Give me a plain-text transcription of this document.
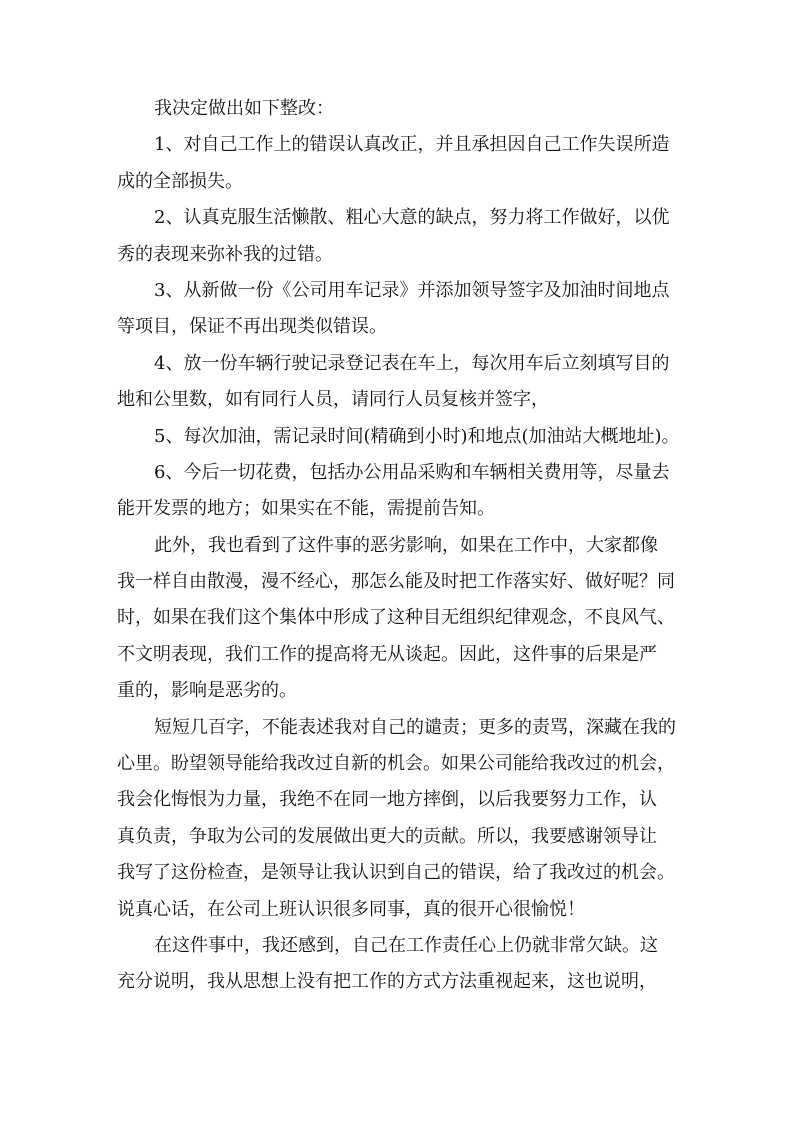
我决定做出如下整改：
1、对自己工作上的错误认真改正，并且承担因自己工作失误所造
成的全部损失。
2、认真克服生活懒散、粗心大意的缺点，努力将工作做好，以优
秀的表现来弥补我的过错。
3、从新做一份《公司用车记录》并添加领导签字及加油时间地点
等项目，保证不再出现类似错误。
4、放一份车辆行驶记录登记表在车上，每次用车后立刻填写目的
地和公里数，如有同行人员，请同行人员复核并签字，
5、每次加油，需记录时间(精确到小时)和地点(加油站大概地址)。
6、今后一切花费，包括办公用品采购和车辆相关费用等，尽量去
能开发票的地方；如果实在不能，需提前告知。
此外，我也看到了这件事的恶劣影响，如果在工作中，大家都像
我一样自由散漫，漫不经心，那怎么能及时把工作落实好、做好呢？同
时，如果在我们这个集体中形成了这种目无组织纪律观念，不良风气、
不文明表现，我们工作的提高将无从谈起。因此，这件事的后果是严
重的，影响是恶劣的。
短短几百字，不能表述我对自己的谴责；更多的责骂，深藏在我的
心里。盼望领导能给我改过自新的机会。如果公司能给我改过的机会，
我会化悔恨为力量，我绝不在同一地方摔倒，以后我要努力工作，认
真负责，争取为公司的发展做出更大的贡献。所以，我要感谢领导让
我写了这份检查，是领导让我认识到自己的错误，给了我改过的机会。
说真心话，在公司上班认识很多同事，真的很开心很愉悦！
在这件事中，我还感到，自己在工作责任心上仍就非常欠缺。这
充分说明，我从思想上没有把工作的方式方法重视起来，这也说明，
